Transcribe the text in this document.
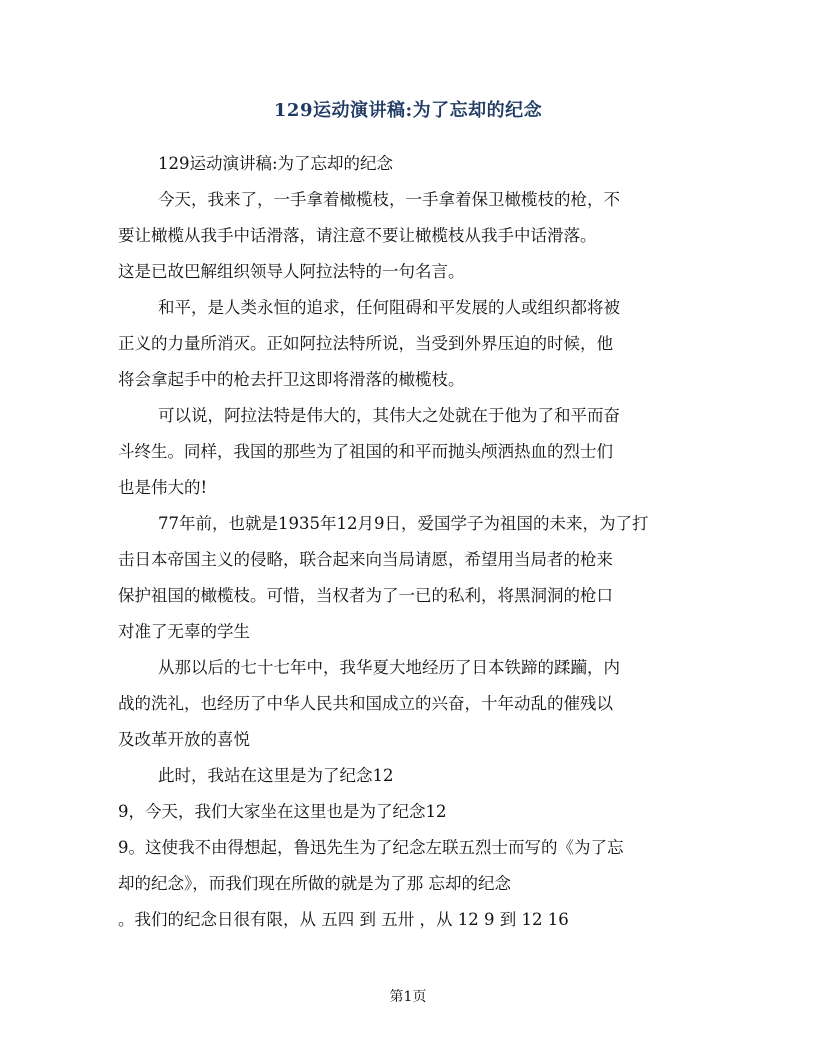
129运动演讲稿:为了忘却的纪念
129运动演讲稿:为了忘却的纪念
今天，我来了，一手拿着橄榄枝，一手拿着保卫橄榄枝的枪，不
要让橄榄从我手中话滑落，请注意不要让橄榄枝从我手中话滑落。
这是已故巴解组织领导人阿拉法特的一句名言。
和平，是人类永恒的追求，任何阻碍和平发展的人或组织都将被
正义的力量所消灭。正如阿拉法特所说，当受到外界压迫的时候，他
将会拿起手中的枪去扞卫这即将滑落的橄榄枝。
可以说，阿拉法特是伟大的，其伟大之处就在于他为了和平而奋
斗终生。同样，我国的那些为了祖国的和平而抛头颅洒热血的烈士们
也是伟大的!
77年前，也就是1935年12月9日，爱国学子为祖国的未来，为了打
击日本帝国主义的侵略，联合起来向当局请愿，希望用当局者的枪来
保护祖国的橄榄枝。可惜，当权者为了一已的私利，将黑洞洞的枪口
对准了无辜的学生
从那以后的七十七年中，我华夏大地经历了日本铁蹄的蹂躏，内
战的洗礼，也经历了中华人民共和国成立的兴奋，十年动乱的催残以
及改革开放的喜悦
此时，我站在这里是为了纪念12
9，今天，我们大家坐在这里也是为了纪念12
9。这使我不由得想起，鲁迅先生为了纪念左联五烈士而写的《为了忘
却的纪念》，而我们现在所做的就是为了那 忘却的纪念
。我们的纪念日很有限，从 五四 到 五卅 ，从 12 9 到 12 16
第1页
